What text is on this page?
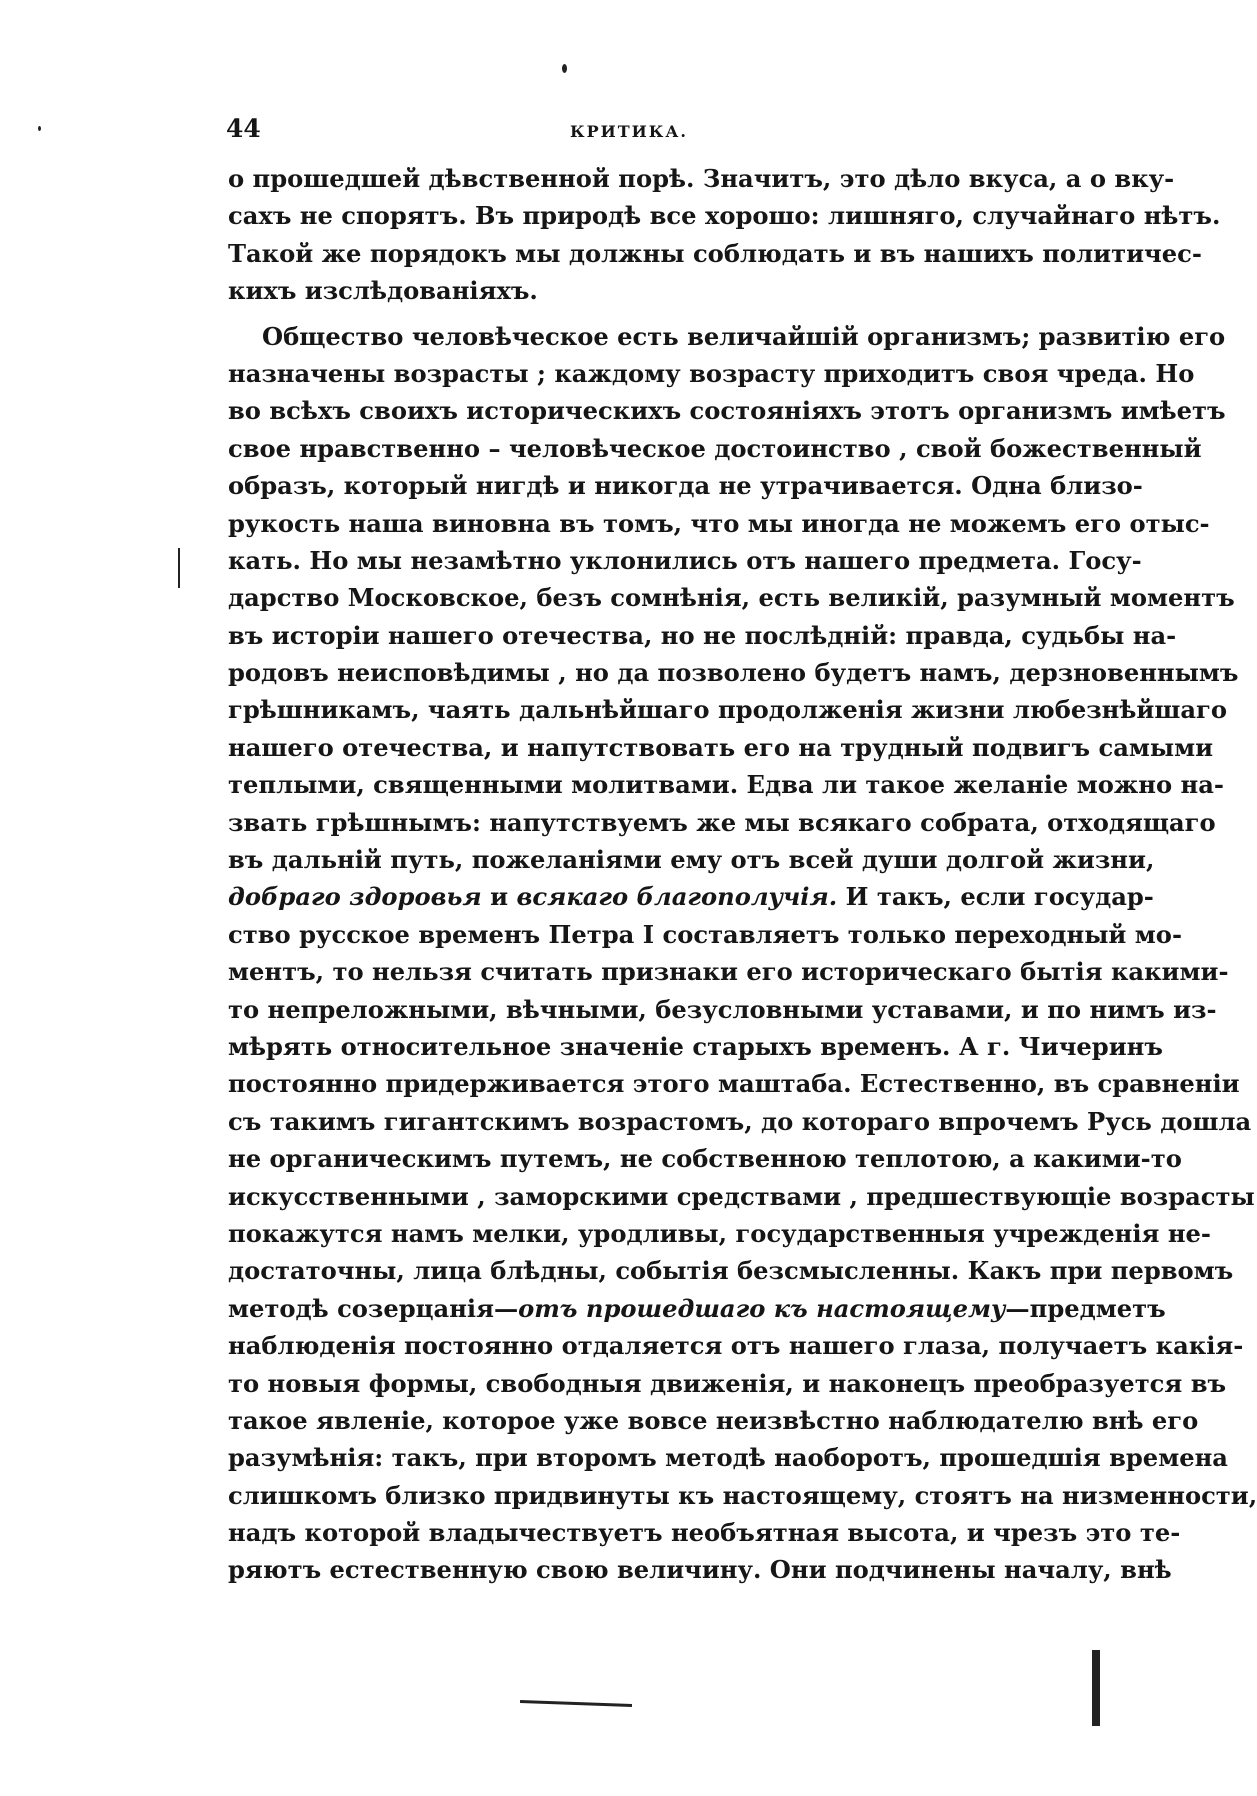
44	КРИТИКА.
о прошедшей дѣвственной порѣ. Значитъ, это дѣло вкуса, а о вку-
сахъ не спорятъ. Въ природѣ все хорошо: лишняго, случайнаго нѣтъ.
Такой же порядокъ мы должны соблюдать и въ нашихъ политичес-
кихъ изслѣдованiяхъ.
Общество человѣческое есть величайшiй организмъ; развитiю его
назначены возрасты ; каждому возрасту приходитъ своя чреда. Но
во всѣхъ своихъ историческихъ состоянiяхъ этотъ организмъ имѣетъ
свое нравственно – человѣческое достоинство , свой божественный
образъ, который нигдѣ и никогда не утрачивается. Одна близо-
рукость наша виновна въ томъ, что мы иногда не можемъ его отыс-
кать. Но мы незамѣтно уклонились отъ нашего предмета. Госу-
дарство Московское, безъ сомнѣнiя, есть великiй, разумный моментъ
въ исторiи нашего отечества, но не послѣднiй: правда, судьбы на-
родовъ неисповѣдимы , но да позволено будетъ намъ, дерзновеннымъ
грѣшникамъ, чаять дальнѣйшаго продолженiя жизни любезнѣйшаго
нашего отечества, и напутствовать его на трудный подвигъ самыми
теплыми, священными молитвами. Едва ли такое желанiе можно на-
звать грѣшнымъ: напутствуемъ же мы всякаго собрата, отходящаго
въ дальнiй путь, пожеланiями ему отъ всей души долгой жизни,
добраго здоровья и всякаго благополучiя. И такъ, если государ-
ство русское временъ Петра I составляетъ только переходный мо-
ментъ, то нельзя считать признаки его историческаго бытiя какими-
то непреложными, вѣчными, безусловными уставами, и по нимъ из-
мѣрять относительное значенiе старыхъ временъ. А г. Чичеринъ
постоянно придерживается этого маштаба. Естественно, въ сравненiи
съ такимъ гигантскимъ возрастомъ, до котораго впрочемъ Русь дошла
не органическимъ путемъ, не собственною теплотою, а какими-то
искусственными , заморскими средствами , предшествующiе возрасты
покажутся намъ мелки, уродливы, государственныя учрежденiя не-
достаточны, лица блѣдны, событiя безсмысленны. Какъ при первомъ
методѣ созерцанiя—отъ прошедшаго къ настоящему—предметъ
наблюденiя постоянно отдаляется отъ нашего глаза, получаетъ какiя-
то новыя формы, свободныя движенiя, и наконецъ преобразуется въ
такое явленiе, которое уже вовсе неизвѣстно наблюдателю внѣ его
разумѣнiя: такъ, при второмъ методѣ наоборотъ, прошедшiя времена
слишкомъ близко придвинуты къ настоящему, стоятъ на низменности,
надъ которой владычествуетъ необъятная высота, и чрезъ это те-
ряютъ естественную свою величину. Они подчинены началу, внѣ
